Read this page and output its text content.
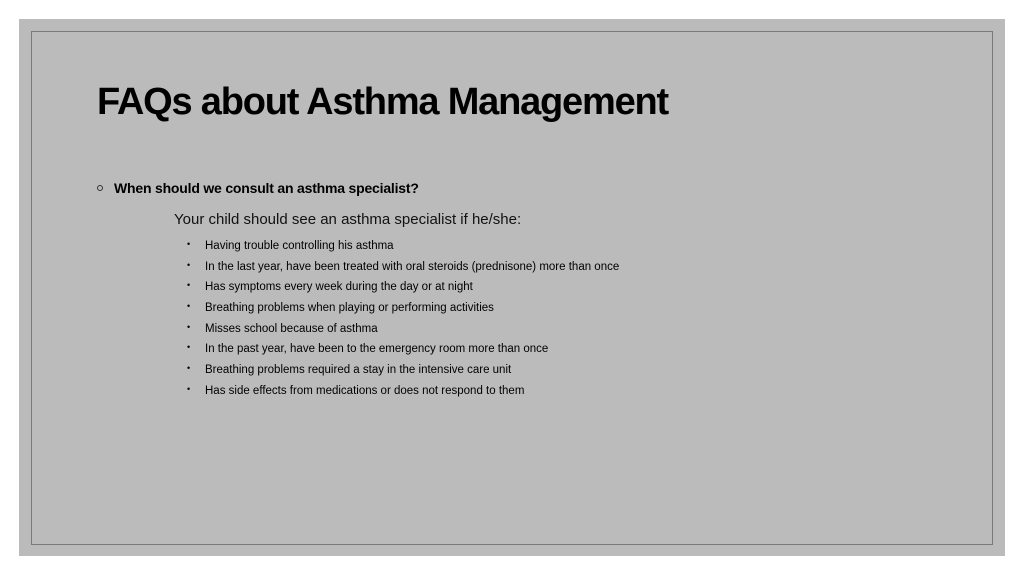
FAQs about Asthma Management
When should we consult an asthma specialist?
Your child should see an asthma specialist if he/she:
•	Having trouble controlling his asthma
•	In the last year, have been treated with oral steroids (prednisone) more than once
•	Has symptoms every week during the day or at night
•	Breathing problems when playing or performing activities
•	Misses school because of asthma
•	In the past year, have been to the emergency room more than once
•	Breathing problems required a stay in the intensive care unit
•	Has side effects from medications or does not respond to them
